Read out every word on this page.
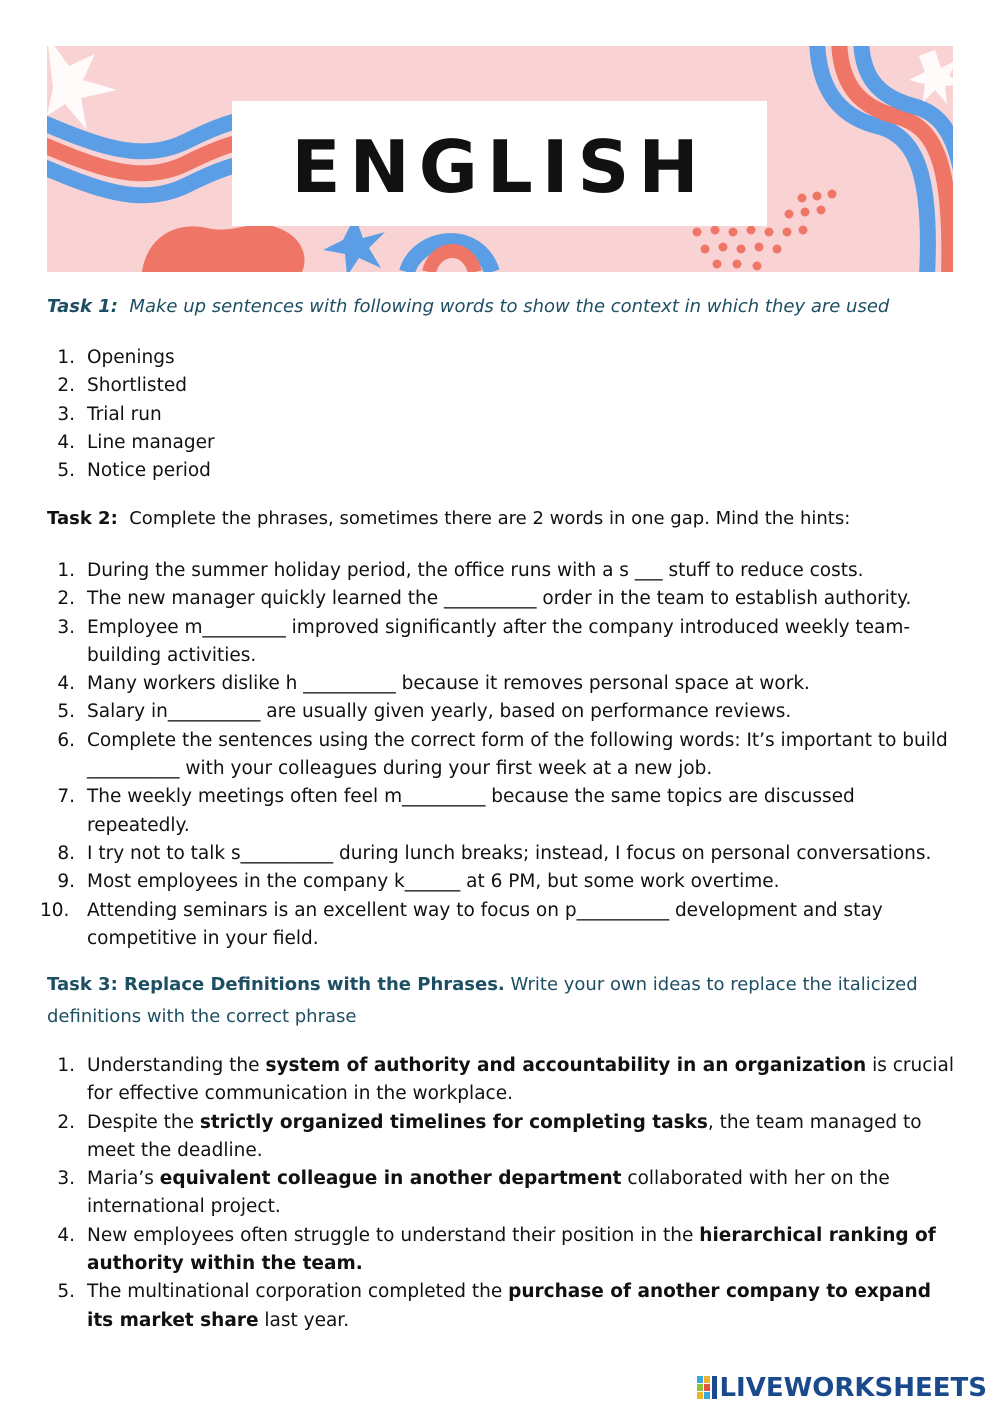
ENGLISH

Task 1: Make up sentences with following words to show the context in which they are used

1. Openings
2. Shortlisted
3. Trial run
4. Line manager
5. Notice period

Task 2: Complete the phrases, sometimes there are 2 words in one gap. Mind the hints:

1. During the summer holiday period, the office runs with a s ___ stuff to reduce costs.
2. The new manager quickly learned the __________ order in the team to establish authority.
3. Employee m_________ improved significantly after the company introduced weekly team-building activities.
4. Many workers dislike h __________ because it removes personal space at work.
5. Salary in__________ are usually given yearly, based on performance reviews.
6. Complete the sentences using the correct form of the following words: It’s important to build __________ with your colleagues during your first week at a new job.
7. The weekly meetings often feel m_________ because the same topics are discussed repeatedly.
8. I try not to talk s__________ during lunch breaks; instead, I focus on personal conversations.
9. Most employees in the company k______ at 6 PM, but some work overtime.
10. Attending seminars is an excellent way to focus on p__________ development and stay competitive in your field.

Task 3: Replace Definitions with the Phrases. Write your own ideas to replace the italicized definitions with the correct phrase

1. Understanding the system of authority and accountability in an organization is crucial for effective communication in the workplace.
2. Despite the strictly organized timelines for completing tasks, the team managed to meet the deadline.
3. Maria’s equivalent colleague in another department collaborated with her on the international project.
4. New employees often struggle to understand their position in the hierarchical ranking of authority within the team.
5. The multinational corporation completed the purchase of another company to expand its market share last year.
LIVEWORKSHEETS
